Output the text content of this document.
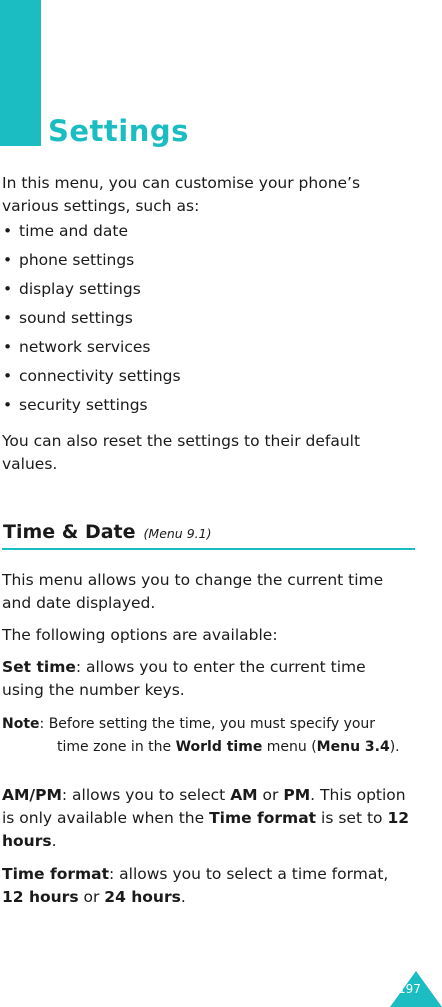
Settings
In this menu, you can customise your phone’s various settings, such as:
• time and date
• phone settings
• display settings
• sound settings
• network services
• connectivity settings
• security settings
You can also reset the settings to their default values.
Time & Date (Menu 9.1)
This menu allows you to change the current time and date displayed.
The following options are available:
Set time: allows you to enter the current time using the number keys.
Note: Before setting the time, you must specify your
time zone in the World time menu (Menu 3.4).
AM/PM: allows you to select AM or PM. This option is only available when the Time format is set to 12 hours.
Time format: allows you to select a time format, 12 hours or 24 hours.
197
